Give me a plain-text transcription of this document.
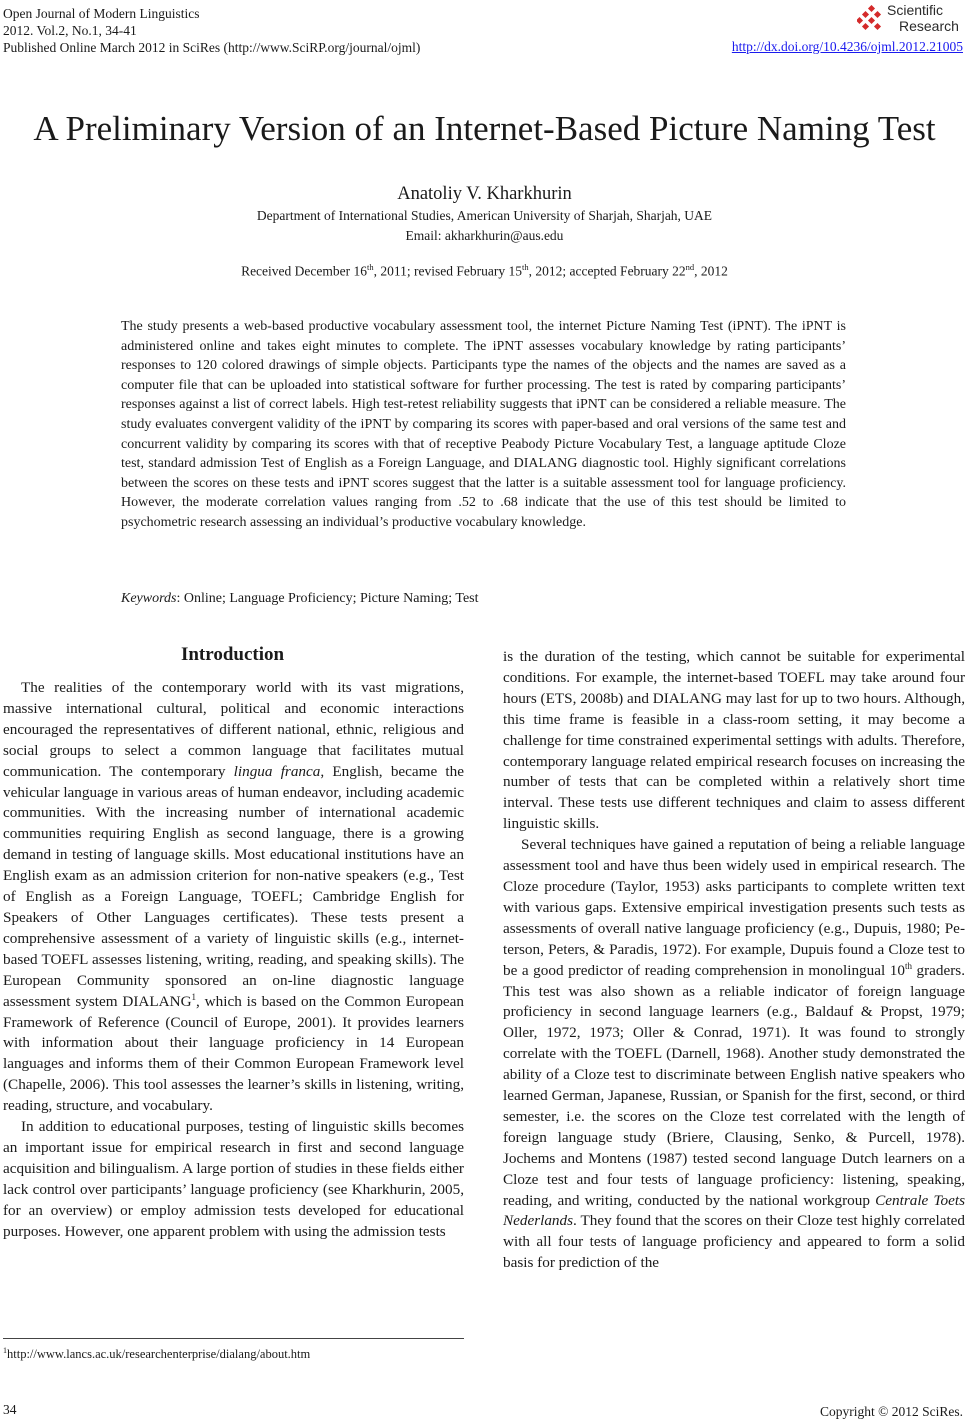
Open Journal of Modern Linguistics
2012. Vol.2, No.1, 34-41
Published Online March 2012 in SciRes (http://www.SciRP.org/journal/ojml)
Scientific
Research
http://dx.doi.org/10.4236/ojml.2012.21005
A Preliminary Version of an Internet-Based Picture Naming Test
Anatoliy V. Kharkhurin
Department of International Studies, American University of Sharjah, Sharjah, UAE
Email: akharkhurin@aus.edu
Received December 16th, 2011; revised February 15th, 2012; accepted February 22nd, 2012
The study presents a web-based productive vocabulary assessment tool, the internet Picture Naming Test (iPNT). The iPNT is administered online and takes eight minutes to complete. The iPNT assesses vocabulary knowledge by rating participants’ responses to 120 colored drawings of simple objects. Participants type the names of the objects and the names are saved as a computer file that can be uploaded into statistical software for further processing. The test is rated by comparing participants’ responses against a list of correct labels. High test-retest reliability suggests that iPNT can be considered a reliable measure. The study evaluates convergent validity of the iPNT by comparing its scores with paper-based and oral versions of the same test and concurrent validity by comparing its scores with that of receptive Peabody Picture Vocabulary Test, a language aptitude Cloze test, standard admission Test of English as a Foreign Language, and DIALANG diagnostic tool. Highly significant correlations between the scores on these tests and iPNT scores suggest that the latter is a suitable assessment tool for language proficiency. However, the moderate correlation values ranging from .52 to .68 indicate that the use of this test should be limited to psychometric research assessing an individual’s productive vocabulary knowledge.
Keywords: Online; Language Proficiency; Picture Naming; Test
Introduction

The realities of the contemporary world with its vast migrations, massive international cultural, political and economic interactions encouraged the representatives of different national, ethnic, religious and social groups to select a common language that facilitates mutual communication. The contemporary lingua franca, English, became the vehicular language in various areas of human endeavor, including academic communities. With the increasing number of international academic communities requiring English as second language, there is a growing demand in testing of language skills. Most educational institutions have an English exam as an admission criterion for non-native speakers (e.g., Test of English as a Foreign Language, TOEFL; Cambridge English for Speakers of Other Languages certificates). These tests present a comprehensive assessment of a variety of linguistic skills (e.g., internet-based TOEFL assesses listening, writing, reading, and speaking skills). The European Community sponsored an on-line diagnostic language assessment system DIALANG$^1$, which is based on the Common European Framework of Reference (Council of Europe, 2001). It provides learners with information about their language proficiency in 14 European languages and informs them of their Common European Framework level (Chapelle, 2006). This tool assesses the learner’s skills in listening, writing, reading, structure, and vocabulary.

In addition to educational purposes, testing of linguistic skills becomes an important issue for empirical research in first and second language acquisition and bilingualism. A large portion of studies in these fields either lack control over participants’ language proficiency (see Kharkhurin, 2005, for an overview) or employ admission tests developed for educational purposes. However, one apparent problem with using the admission tests

is the duration of the testing, which cannot be suitable for experimental conditions. For example, the internet-based TOEFL may take around four hours (ETS, 2008b) and DIALANG may last for up to two hours. Although, this time frame is feasible in a class-room setting, it may become a challenge for time constrained experimental settings with adults. Therefore, contemporary language related empirical research focuses on increasing the number of tests that can be completed within a relatively short time interval. These tests use different techniques and claim to assess different linguistic skills.

Several techniques have gained a reputation of being a reliable language assessment tool and have thus been widely used in empirical research. The Cloze procedure (Taylor, 1953) asks participants to complete written text with various gaps. Extensive empirical investigation presents such tests as assessments of overall native language proficiency (e.g., Dupuis, 1980; Peterson, Peters, & Paradis, 1972). For example, Dupuis found a Cloze test to be a good predictor of reading comprehension in monolingual 10th graders. This test was also shown as a reliable indicator of foreign language proficiency in second language learners (e.g., Baldauf & Propst, 1979; Oller, 1972, 1973; Oller & Conrad, 1971). It was found to strongly correlate with the TOEFL (Darnell, 1968). Another study demonstrated the ability of a Cloze test to discriminate between English native speakers who learned German, Japanese, Russian, or Spanish for the first, second, or third semester, i.e. the scores on the Cloze test correlated with the length of foreign language study (Briere, Clausing, Senko, & Purcell, 1978). Jochems and Montens (1987) tested second language Dutch learners on a Cloze test and four tests of language proficiency: listening, speaking, reading, and writing, conducted by the national workgroup Centrale Toets Nederlands. They found that the scores on their Cloze test highly correlated with all four tests of language proficiency and appeared to form a solid basis for prediction of the

$^1$http://www.lancs.ac.uk/researchenterprise/dialang/about.htm
34	Copyright © 2012 SciRes.
